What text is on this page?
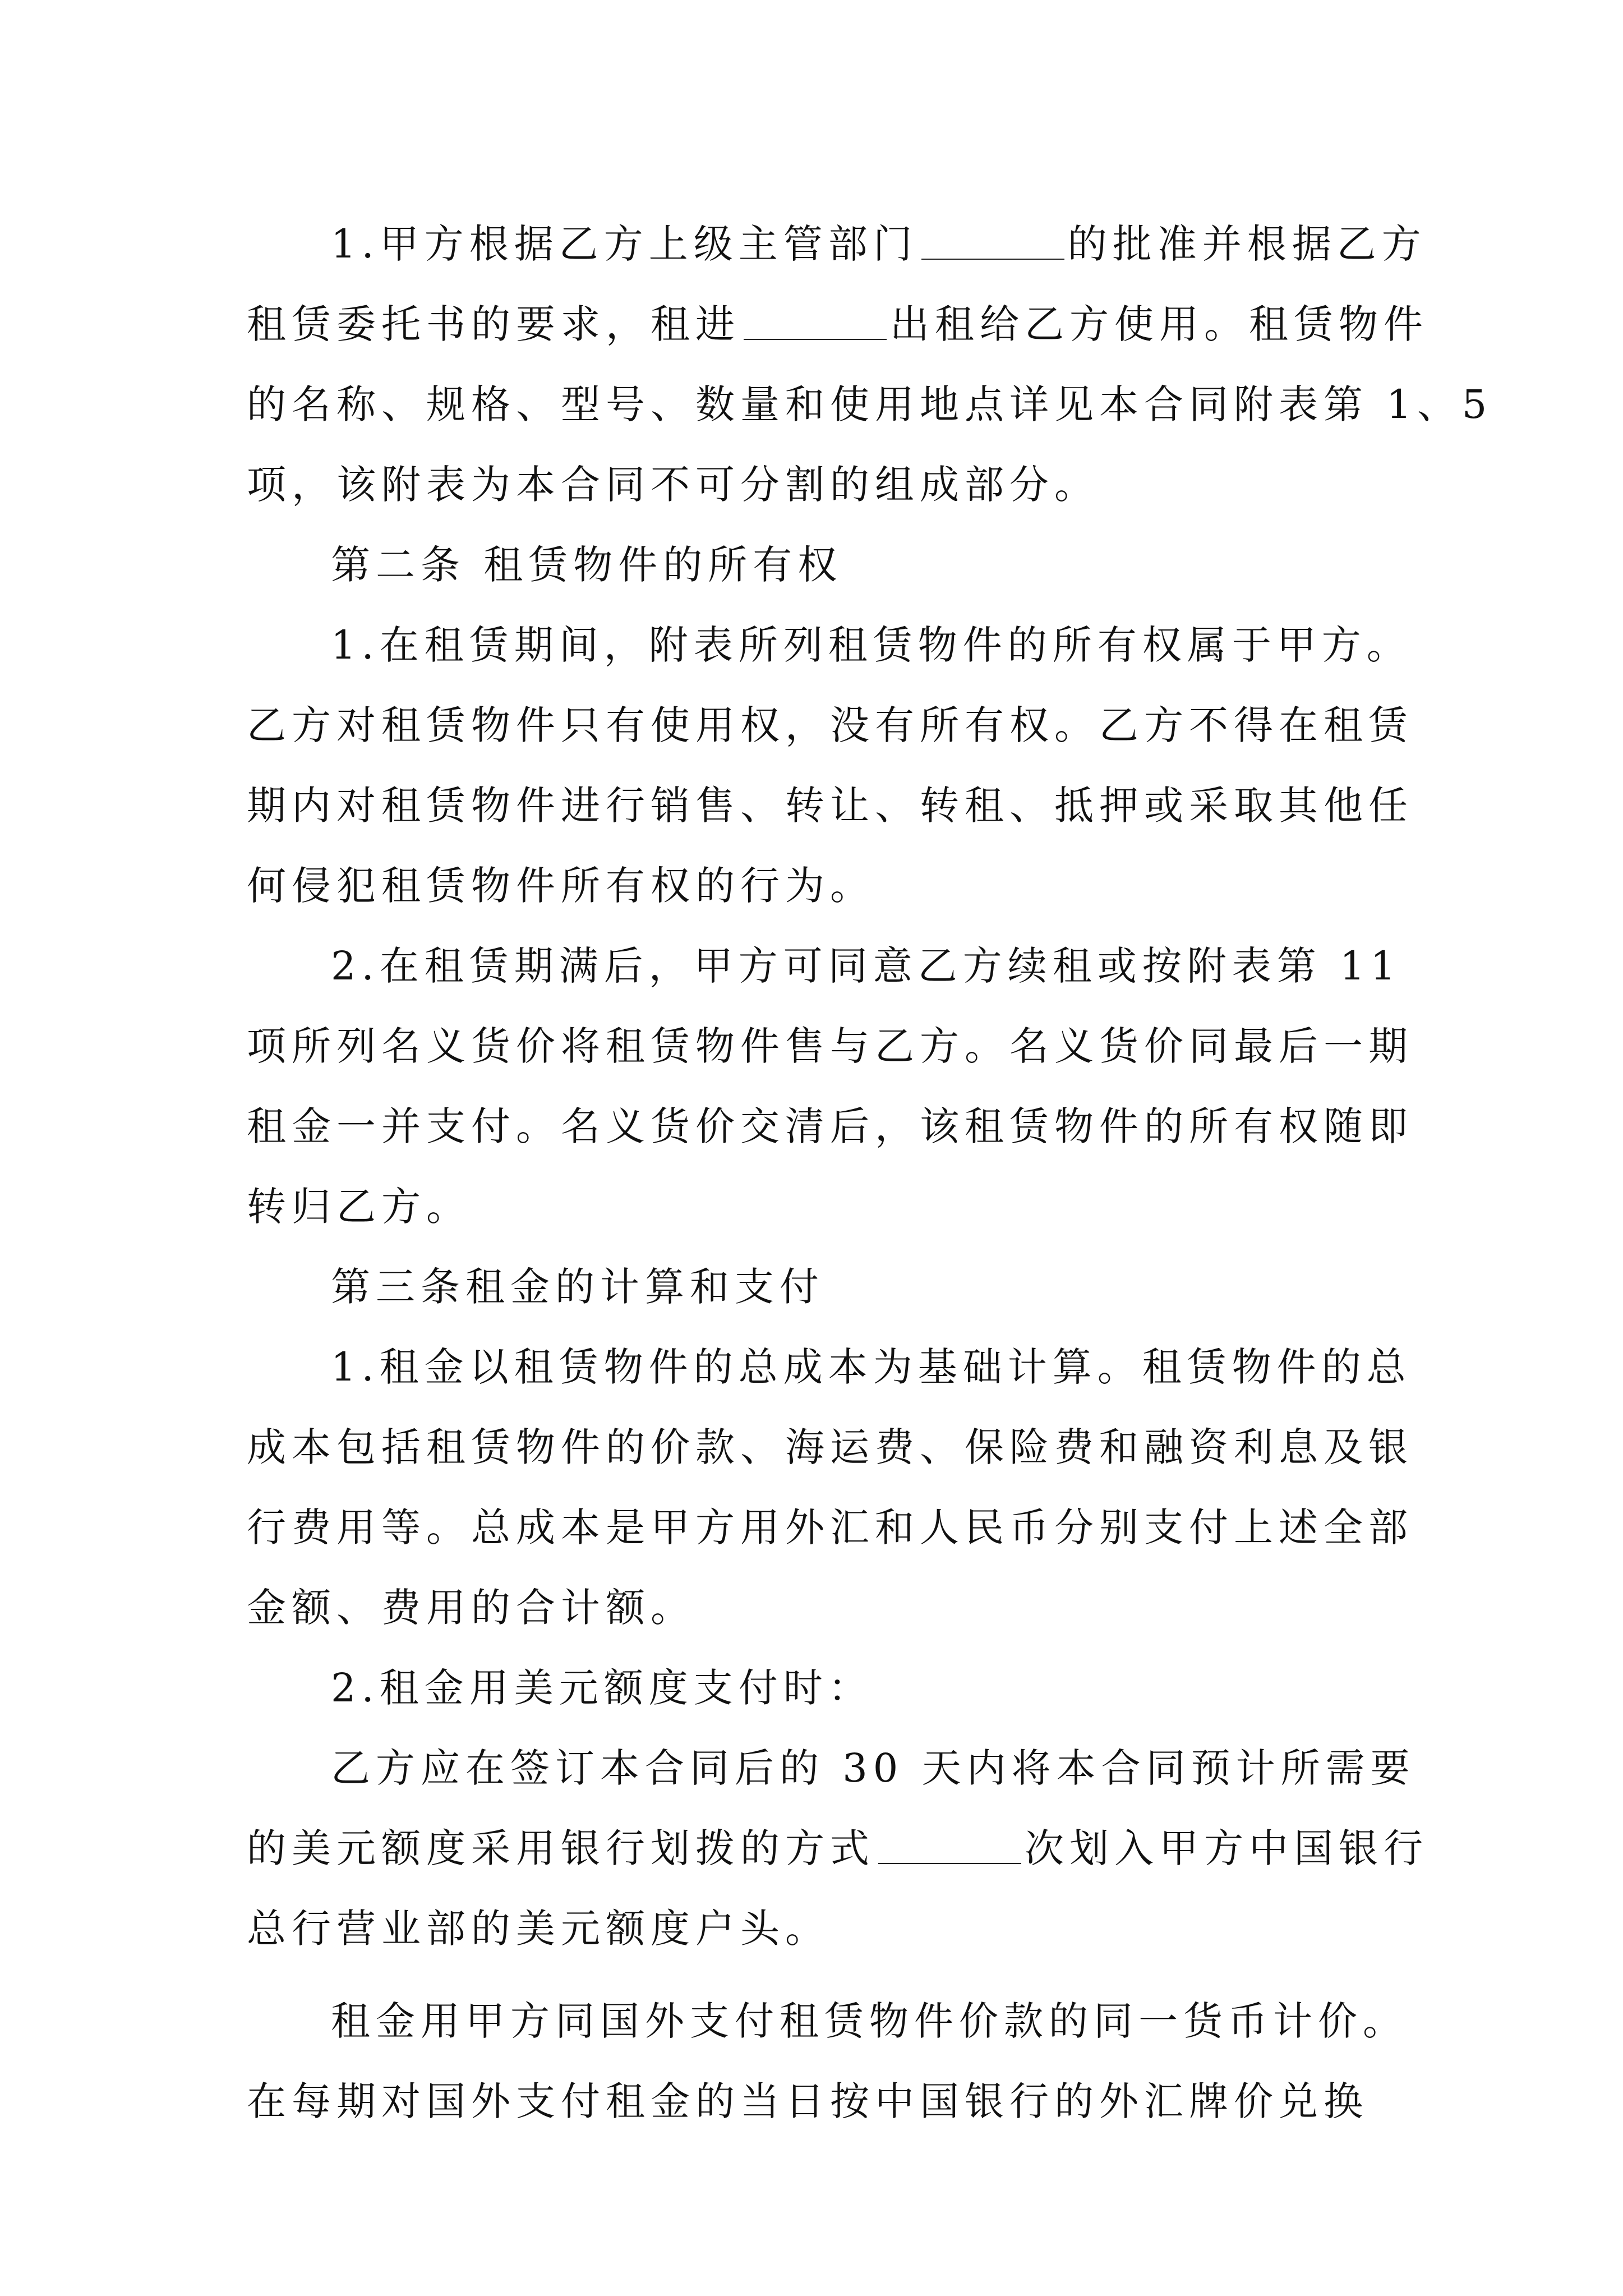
1.甲方根据乙方上级主管部门	的批准并根据乙方
租赁委托书的要求，租进	出租给乙方使用。租赁物件
的名称、规格、型号、数量和使用地点详见本合同附表第 1、5
项，该附表为本合同不可分割的组成部分。
第二条 租赁物件的所有权
1.在租赁期间，附表所列租赁物件的所有权属于甲方。
乙方对租赁物件只有使用权，没有所有权。乙方不得在租赁
期内对租赁物件进行销售、转让、转租、抵押或采取其他任
何侵犯租赁物件所有权的行为。
2.在租赁期满后，甲方可同意乙方续租或按附表第 11
项所列名义货价将租赁物件售与乙方。名义货价同最后一期
租金一并支付。名义货价交清后，该租赁物件的所有权随即
转归乙方。
第三条租金的计算和支付
1.租金以租赁物件的总成本为基础计算。租赁物件的总
成本包括租赁物件的价款、海运费、保险费和融资利息及银
行费用等。总成本是甲方用外汇和人民币分别支付上述全部
金额、费用的合计额。
2.租金用美元额度支付时：
乙方应在签订本合同后的 30 天内将本合同预计所需要
的美元额度采用银行划拨的方式	次划入甲方中国银行
总行营业部的美元额度户头。
租金用甲方同国外支付租赁物件价款的同一货币计价。
在每期对国外支付租金的当日按中国银行的外汇牌价兑换
